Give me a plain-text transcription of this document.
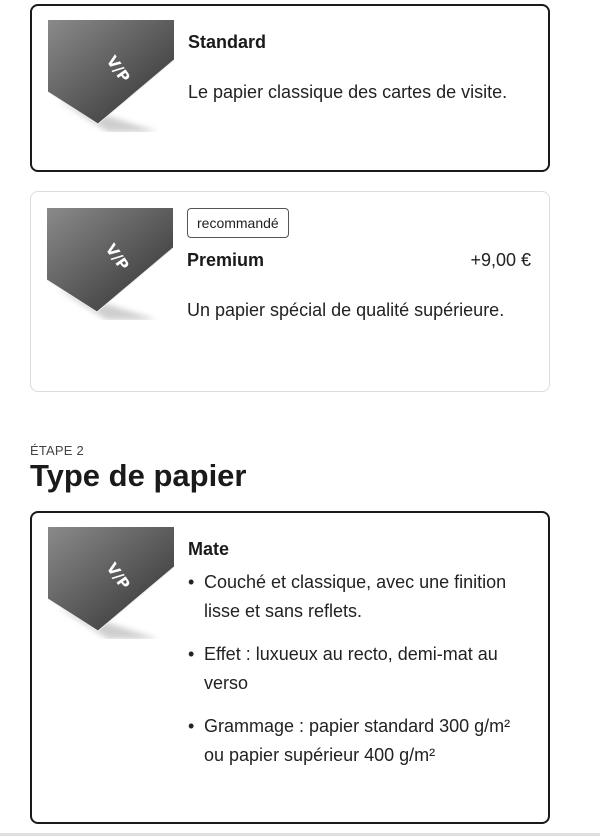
V/P

Standard

Le papier classique des cartes de visite.

V/P
recommandé

Premium	+9,00 €

Un papier spécial de qualité supérieure.

ÉTAPE 2
Type de papier
V/P

Mate

• Couché et classique, avec une finition lisse et sans reflets.
• Effet : luxueux au recto, demi-mat au verso
• Grammage : papier standard 300 g/m² ou papier supérieur 400 g/m²
